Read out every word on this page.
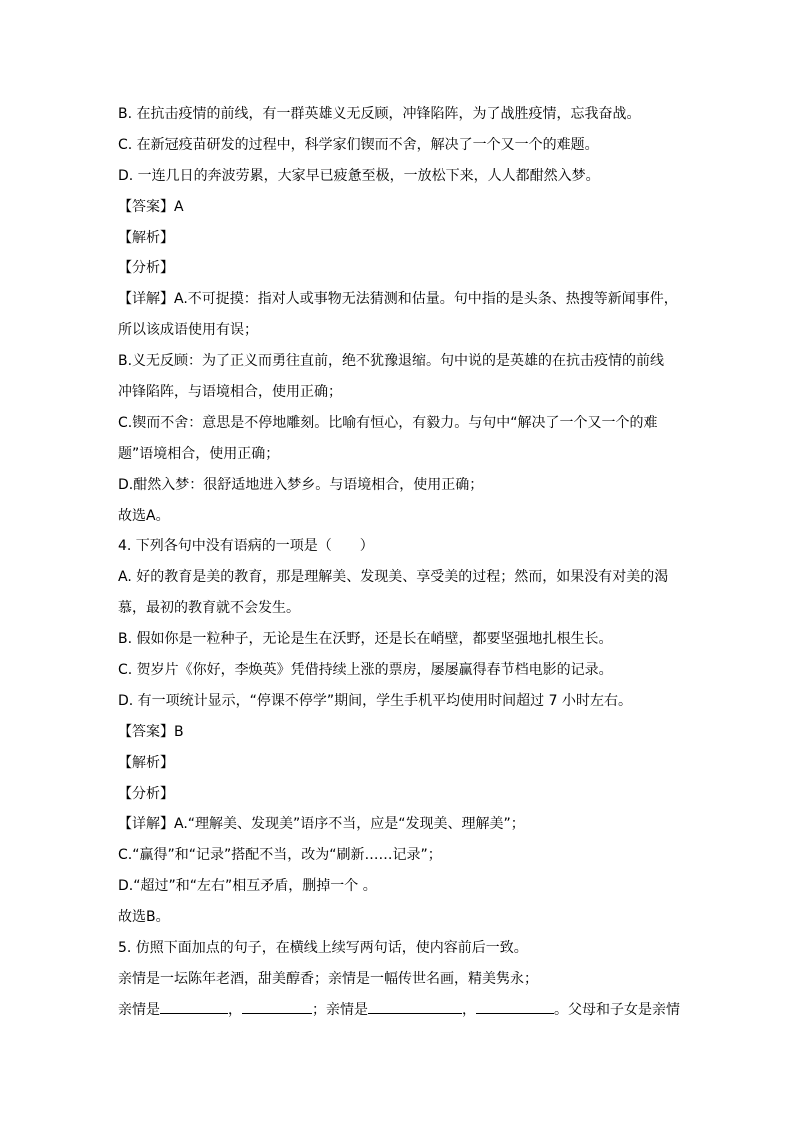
B. 在抗击疫情的前线，有一群英雄义无反顾，冲锋陷阵，为了战胜疫情，忘我奋战。
C. 在新冠疫苗研发的过程中，科学家们锲而不舍，解决了一个又一个的难题。
D. 一连几日的奔波劳累，大家早已疲惫至极，一放松下来，人人都酣然入梦。
【答案】A
【解析】
【分析】
【详解】A.不可捉摸：指对人或事物无法猜测和估量。句中指的是头条、热搜等新闻事件，
所以该成语使用有误；
B.义无反顾：为了正义而勇往直前，绝不犹豫退缩。句中说的是英雄的在抗击疫情的前线
冲锋陷阵，与语境相合，使用正确；
C.锲而不舍：意思是不停地雕刻。比喻有恒心，有毅力。与句中“解决了一个又一个的难
题”语境相合，使用正确；
D.酣然入梦：很舒适地进入梦乡。与语境相合，使用正确；
故选A。
4. 下列各句中没有语病的一项是（　　）
A. 好的教育是美的教育，那是理解美、发现美、享受美的过程；然而，如果没有对美的渴
慕，最初的教育就不会发生。
B. 假如你是一粒种子，无论是生在沃野，还是长在峭壁，都要坚强地扎根生长。
C. 贺岁片《你好，李焕英》凭借持续上涨的票房，屡屡赢得春节档电影的记录。
D. 有一项统计显示，“停课不停学”期间，学生手机平均使用时间超过 7 小时左右。
【答案】B
【解析】
【分析】
【详解】A.“理解美、发现美”语序不当，应是“发现美、理解美”；
C.“赢得”和“记录”搭配不当，改为“刷新……记录”；
D.“超过”和“左右”相互矛盾，删掉一个 。
故选B。
5. 仿照下面加点的句子，在横线上续写两句话，使内容前后一致。
亲情是一坛陈年老酒，甜美醇香；亲情是一幅传世名画，精美隽永；
亲情是	，	；亲情是	，	。父母和子女是亲情
